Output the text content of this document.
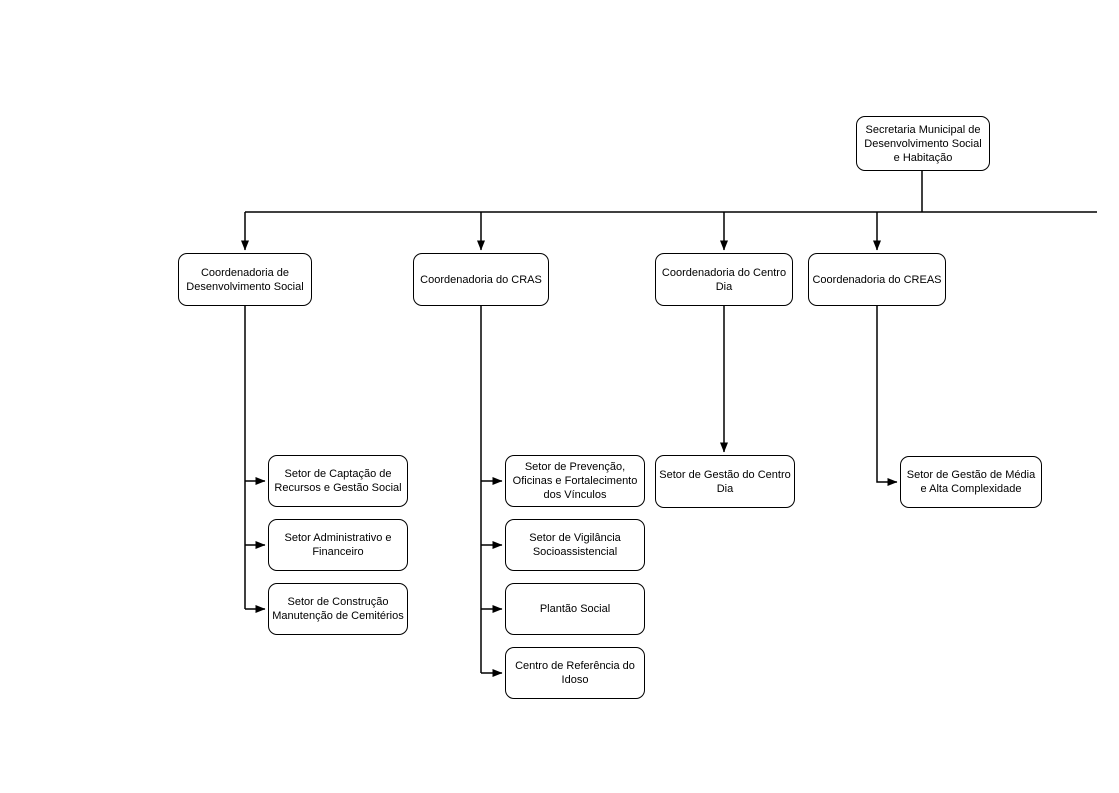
Secretaria Municipal de Desenvolvimento Social e Habitação
Coordenadoria de Desenvolvimento Social
Coordenadoria do CRAS
Coordenadoria do Centro Dia
Coordenadoria do CREAS
Setor de Captação de Recursos e Gestão Social
Setor Administrativo e Financeiro
Setor de Construção Manutenção de Cemitérios
Setor de Prevenção, Oficinas e Fortalecimento dos Vínculos
Setor de Vigilância Socioassistencial
Plantão Social
Centro de Referência do Idoso
Setor de Gestão do Centro Dia
Setor de Gestão de Média e Alta Complexidade
